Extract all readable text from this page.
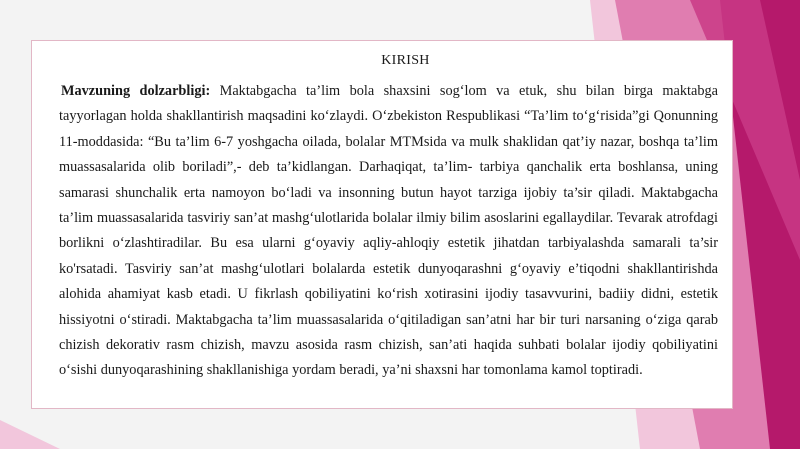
KIRISH

Mavzuning dolzarbligi: Maktabgacha ta’lim bola shaxsini sog‘lom va etuk, shu bilan birga maktabga tayyorlagan holda shakllantirish maqsadini ko‘zlaydi. O‘zbekiston Respublikasi “Ta’lim to‘g‘risida”gi Qonunning 11-moddasida: “Bu ta’lim 6-7 yoshgacha oilada, bolalar MTMsida va mulk shaklidan qat’iy nazar, boshqa ta’lim muassasalarida olib boriladi”,- deb ta’kidlangan. Darhaqiqat, ta’lim- tarbiya qanchalik erta boshlansa, uning samarasi shunchalik erta namoyon bo‘ladi va insonning butun hayot tarziga ijobiy ta’sir qiladi. Maktabgacha ta’lim muassasalarida tasviriy san’at mashg‘ulotlarida bolalar ilmiy bilim asoslarini egallaydilar. Tevarak atrofdagi borlikni o‘zlashtiradilar. Bu esa ularni g‘oyaviy aqliy-ahloqiy estetik jihatdan tarbiyalashda samarali ta’sir ko'rsatadi. Tasviriy san’at mashg‘ulotlari bolalarda estetik dunyoqarashni g‘oyaviy e’tiqodni shakllantirishda alohida ahamiyat kasb etadi. U fikrlash qobiliyatini ko‘rish xotirasini ijodiy tasavvurini, badiiy didni, estetik hissiyotni o‘stiradi. Maktabgacha ta’lim muassasalarida o‘qitiladigan san’atni har bir turi narsaning o‘ziga qarab chizish dekorativ rasm chizish, mavzu asosida rasm chizish, san’ati haqida suhbati bolalar ijodiy qobiliyatini o‘sishi dunyoqarashining shakllanishiga yordam beradi, ya’ni shaxsni har tomonlama kamol toptiradi.
